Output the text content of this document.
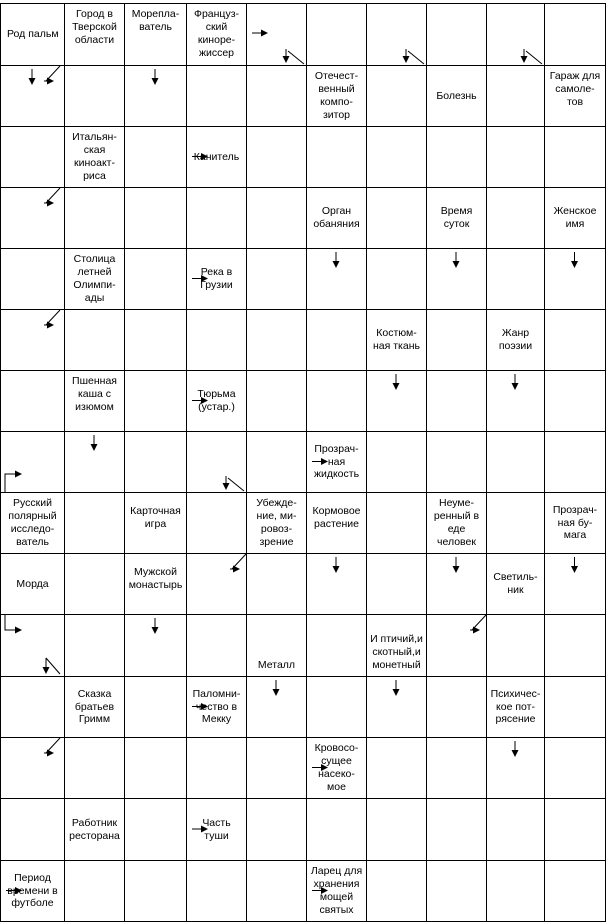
Род пальм
Город в
Тверской
области
Морепла-
ватель
Француз-
ский
кинорe-
жиссер
Отечест-
венный
компо-
зитор
Болезнь
Гараж для
самоле-
тов
Итальян-
ская
киноакт-
риса
Канитель
Орган
обаняния
Время
суток
Женское
имя
Столица
летней
Олимпи-
ады
Река в
Грузии
Костюм-
ная ткань
Жанр
поэзии
Пшенная
каша с
изюмом
Тюрьма
(устар.)
Прозрач-
ная
жидкость
Русский
полярный
исследо-
ватель
Карточная
игра
Убежде-
ние, ми-
ровоз-
зрение
Кормовое
растение
Неуме-
ренный в
еде
человек
Прозрач-
ная бу-
мага
Морда
Мужской
монастырь
Светиль-
ник
Металл
И птичий,и
скотный,и
монетный
Сказка
братьев
Гримм
Паломни-
чество в
Мекку
Психичес-
кое пот-
рясение
Кровосо-
сущее
насеко-
мое
Работник
ресторана
Часть
туши
Период
времени в
футболе
Ларец для
хранения
мощей
святых
